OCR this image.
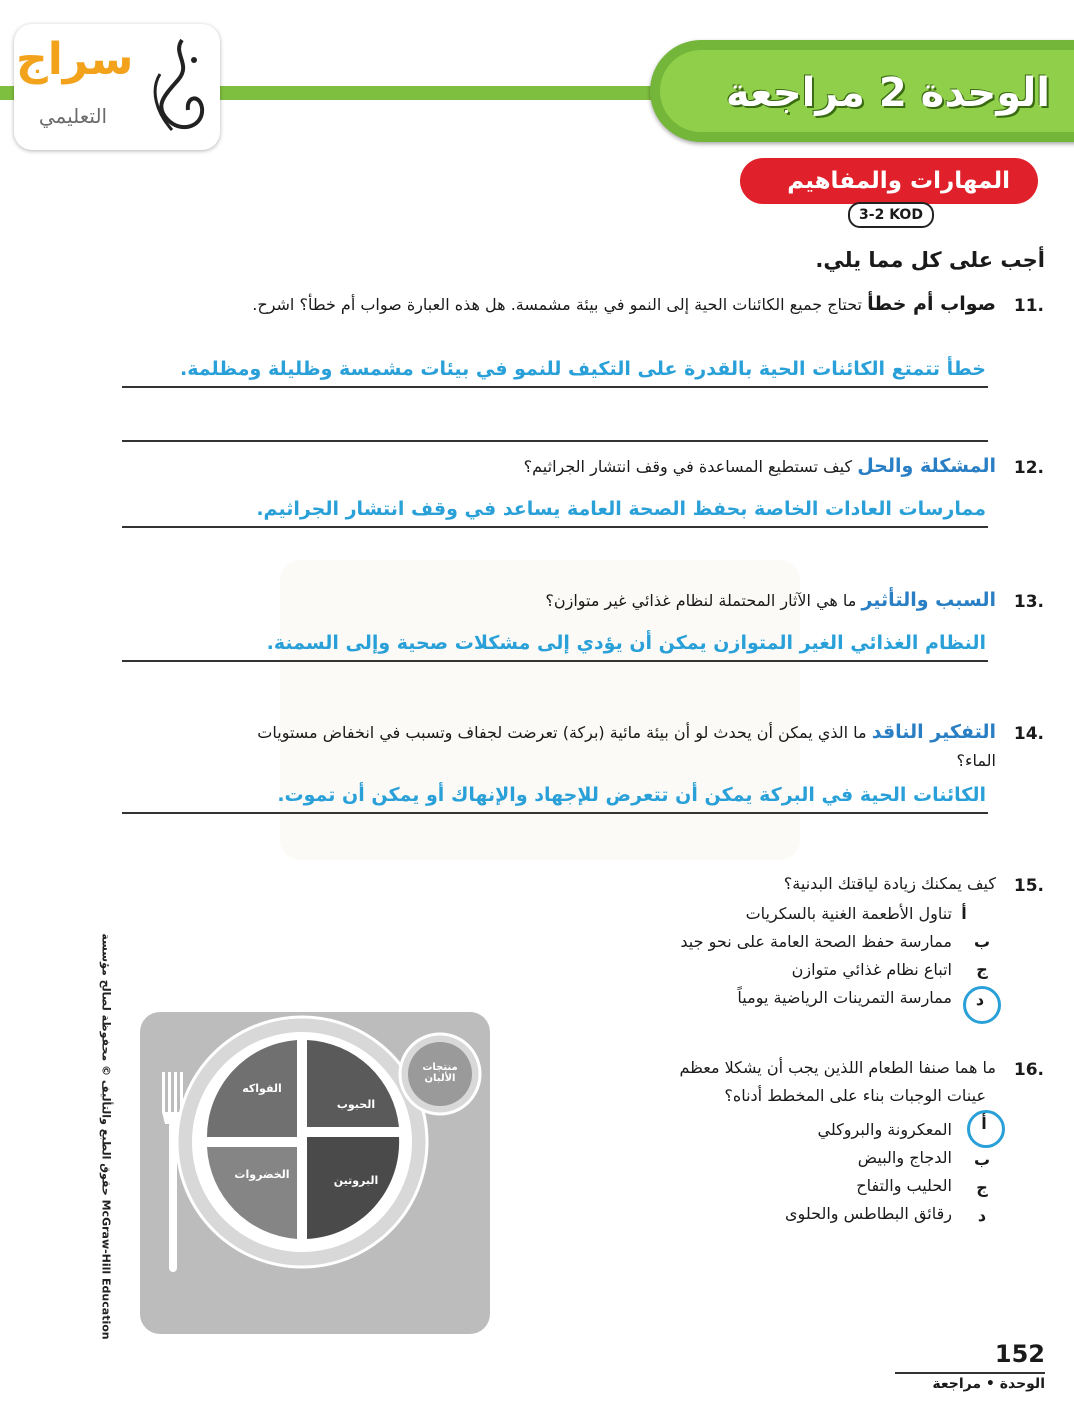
الوحدة 2 مراجعة
سراج
التعليمي
المهارات والمفاهيم
3-2 KOD
أجب على كل مما يلي.
.11
صواب أم خطأ تحتاج جميع الكائنات الحية إلى النمو في بيئة مشمسة. هل هذه العبارة صواب أم خطأ؟ اشرح.
خطأ تتمتع الكائنات الحية بالقدرة على التكيف للنمو في بيئات مشمسة وظليلة ومظلمة.
.12
المشكلة والحل كيف تستطيع المساعدة في وقف انتشار الجراثيم؟
ممارسات العادات الخاصة بحفظ الصحة العامة يساعد في وقف انتشار الجراثيم.
.13
السبب والتأثير ما هي الآثار المحتملة لنظام غذائي غير متوازن؟
النظام الغذائي الغير المتوازن يمكن أن يؤدي إلى مشكلات صحية وإلى السمنة.
.14
التفكير الناقد ما الذي يمكن أن يحدث لو أن بيئة مائية (بركة) تعرضت لجفاف وتسبب في انخفاض مستويات الماء؟
الكائنات الحية في البركة يمكن أن تتعرض للإجهاد والإنهاك أو يمكن أن تموت.
.15
كيف يمكنك زيادة لياقتك البدنية؟
أ
تناول الأطعمة الغنية بالسكريات
ب
ممارسة حفظ الصحة العامة على نحو جيد
ج
اتباع نظام غذائي متوازن
د
ممارسة التمرينات الرياضية يومياً
.16
ما هما صنفا الطعام اللذين يجب أن يشكلا معظم
عينات الوجبات بناء على المخطط أدناه؟
أ
المعكرونة والبروكلي
ب
الدجاج والبيض
ج
الحليب والتفاح
د
رقائق البطاطس والحلوى
الفواكه
الحبوب
الخضروات	البروتين
منتجات الألبان
حقوق الطبع والتأليف © محفوظة لصالح مؤسسة McGraw-Hill Education
152
الوحدة • مراجعة
